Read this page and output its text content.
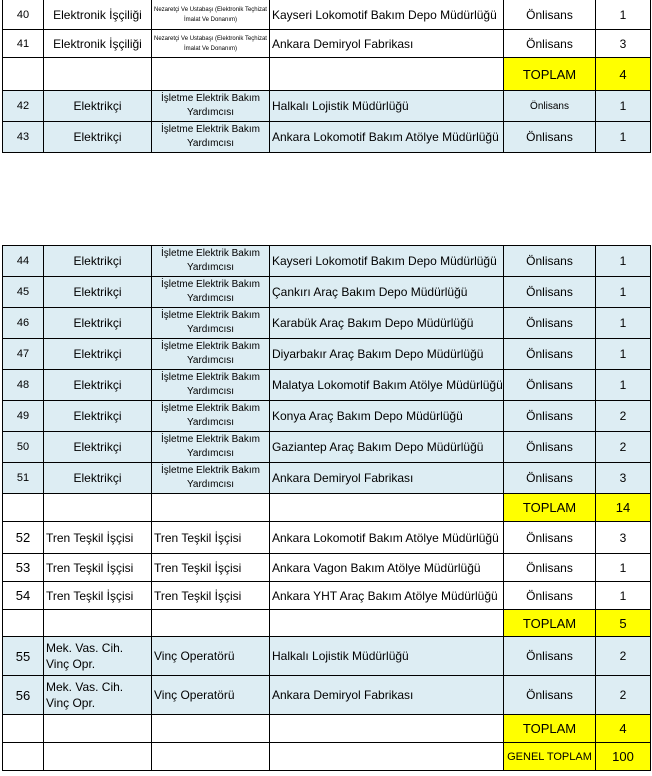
40	Elektronik İşçiliği	Nezaretçi Ve Ustabaşı (Elektronik Teçhizat İmalat Ve Donanım)	Kayseri Lokomotif Bakım Depo Müdürlüğü	Önlisans	1
41	Elektronik İşçiliği	Nezaretçi Ve Ustabaşı (Elektronik Teçhizat İmalat Ve Donanım)	Ankara Demiryol Fabrikası	Önlisans	3
				TOPLAM	4
42	Elektrikçi	İşletme Elektrik Bakım Yardımcısı	Halkalı Lojistik Müdürlüğü	Önlisans	1
43	Elektrikçi	İşletme Elektrik Bakım Yardımcısı	Ankara Lokomotif Bakım Atölye Müdürlüğü	Önlisans	1
44	Elektrikçi	İşletme Elektrik Bakım Yardımcısı	Kayseri Lokomotif Bakım Depo Müdürlüğü	Önlisans	1
45	Elektrikçi	İşletme Elektrik Bakım Yardımcısı	Çankırı Araç Bakım Depo Müdürlüğü	Önlisans	1
46	Elektrikçi	İşletme Elektrik Bakım Yardımcısı	Karabük Araç Bakım Depo Müdürlüğü	Önlisans	1
47	Elektrikçi	İşletme Elektrik Bakım Yardımcısı	Diyarbakır Araç Bakım Depo Müdürlüğü	Önlisans	1
48	Elektrikçi	İşletme Elektrik Bakım Yardımcısı	Malatya Lokomotif Bakım Atölye Müdürlüğü	Önlisans	1
49	Elektrikçi	İşletme Elektrik Bakım Yardımcısı	Konya Araç Bakım Depo Müdürlüğü	Önlisans	2
50	Elektrikçi	İşletme Elektrik Bakım Yardımcısı	Gaziantep Araç Bakım Depo Müdürlüğü	Önlisans	2
51	Elektrikçi	İşletme Elektrik Bakım Yardımcısı	Ankara Demiryol Fabrikası	Önlisans	3
				TOPLAM	14
52	Tren Teşkil İşçisi	Tren Teşkil İşçisi	Ankara Lokomotif Bakım Atölye Müdürlüğü	Önlisans	3
53	Tren Teşkil İşçisi	Tren Teşkil İşçisi	Ankara Vagon Bakım Atölye Müdürlüğü	Önlisans	1
54	Tren Teşkil İşçisi	Tren Teşkil İşçisi	Ankara YHT Araç Bakım Atölye Müdürlüğü	Önlisans	1
				TOPLAM	5
55	Mek. Vas. Cih. Vinç Opr.	Vinç Operatörü	Halkalı Lojistik Müdürlüğü	Önlisans	2
56	Mek. Vas. Cih. Vinç Opr.	Vinç Operatörü	Ankara Demiryol Fabrikası	Önlisans	2
				TOPLAM	4
				GENEL TOPLAM	100
